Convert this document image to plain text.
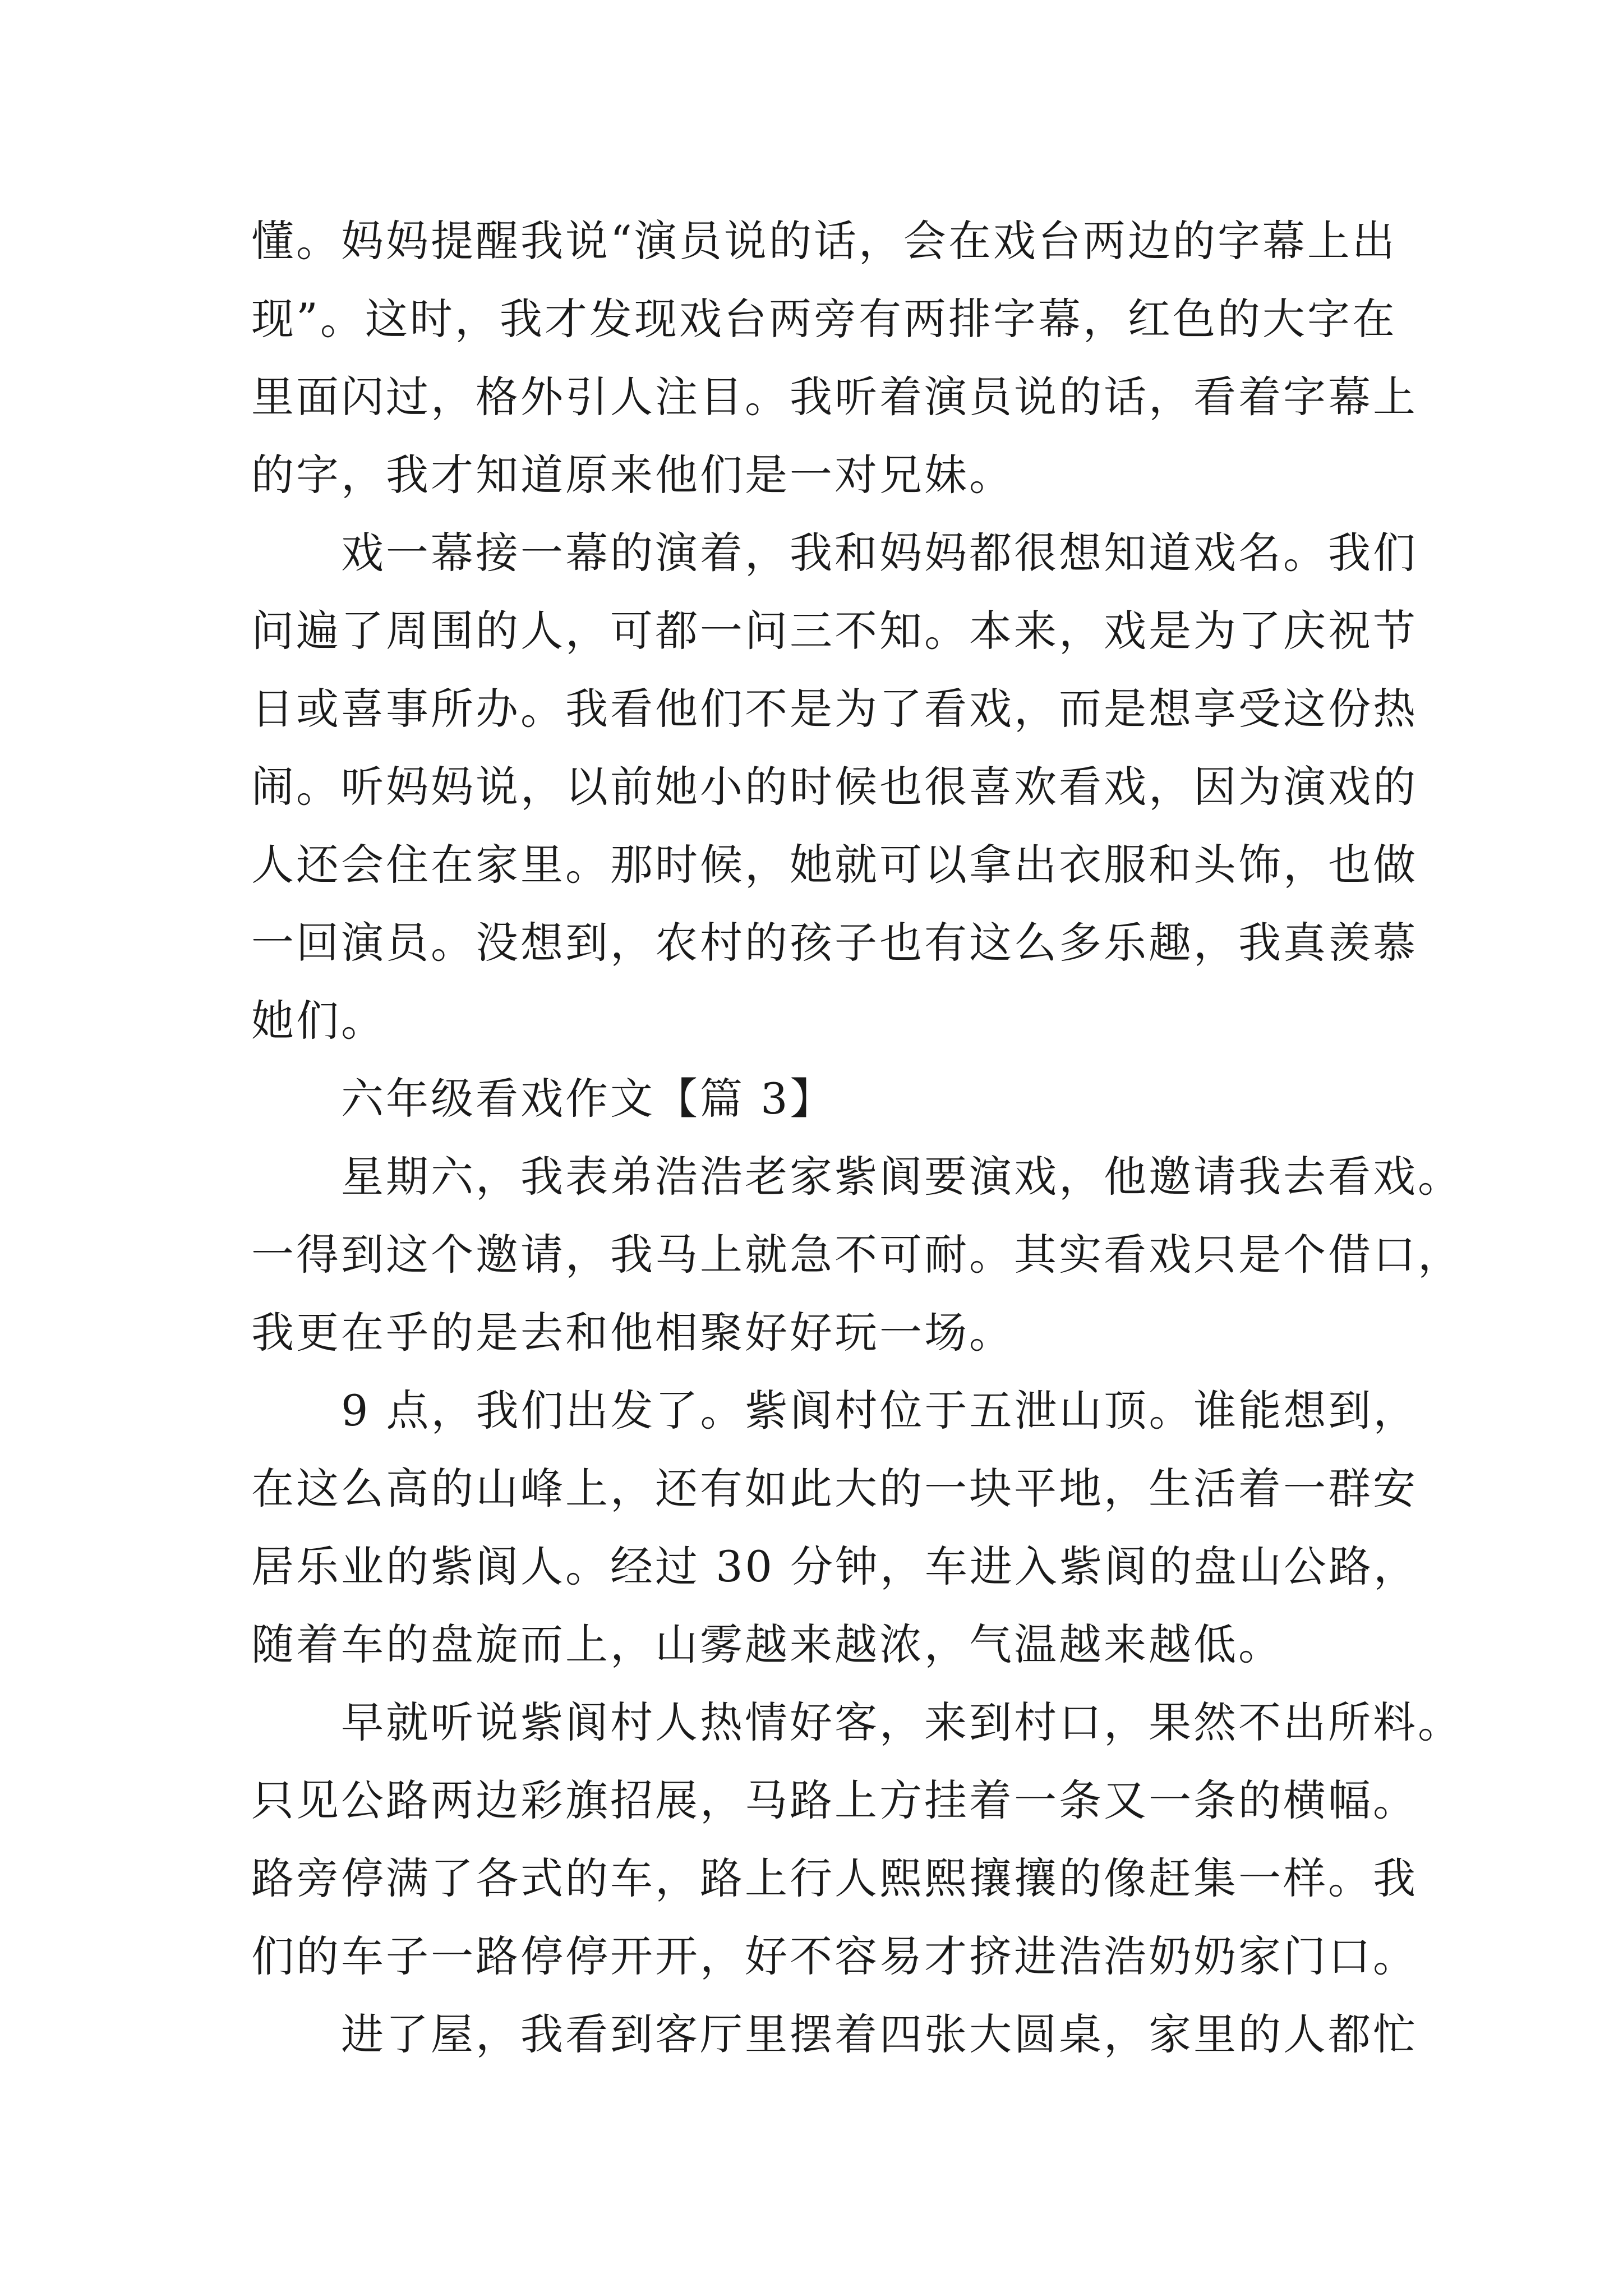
懂。妈妈提醒我说“演员说的话，会在戏台两边的字幕上出
现”。这时，我才发现戏台两旁有两排字幕，红色的大字在
里面闪过，格外引人注目。我听着演员说的话，看着字幕上
的字，我才知道原来他们是一对兄妹。

戏一幕接一幕的演着，我和妈妈都很想知道戏名。我们
问遍了周围的人，可都一问三不知。本来，戏是为了庆祝节
日或喜事所办。我看他们不是为了看戏，而是想享受这份热
闹。听妈妈说，以前她小的时候也很喜欢看戏，因为演戏的
人还会住在家里。那时候，她就可以拿出衣服和头饰，也做
一回演员。没想到，农村的孩子也有这么多乐趣，我真羡慕
她们。

六年级看戏作文【篇 3】

星期六，我表弟浩浩老家紫阆要演戏，他邀请我去看戏。
一得到这个邀请，我马上就急不可耐。其实看戏只是个借口，
我更在乎的是去和他相聚好好玩一场。

9 点，我们出发了。紫阆村位于五泄山顶。谁能想到，
在这么高的山峰上，还有如此大的一块平地，生活着一群安
居乐业的紫阆人。经过 30 分钟，车进入紫阆的盘山公路，
随着车的盘旋而上，山雾越来越浓，气温越来越低。

早就听说紫阆村人热情好客，来到村口，果然不出所料。
只见公路两边彩旗招展，马路上方挂着一条又一条的横幅。
路旁停满了各式的车，路上行人熙熙攘攘的像赶集一样。我
们的车子一路停停开开，好不容易才挤进浩浩奶奶家门口。

进了屋，我看到客厅里摆着四张大圆桌，家里的人都忙
